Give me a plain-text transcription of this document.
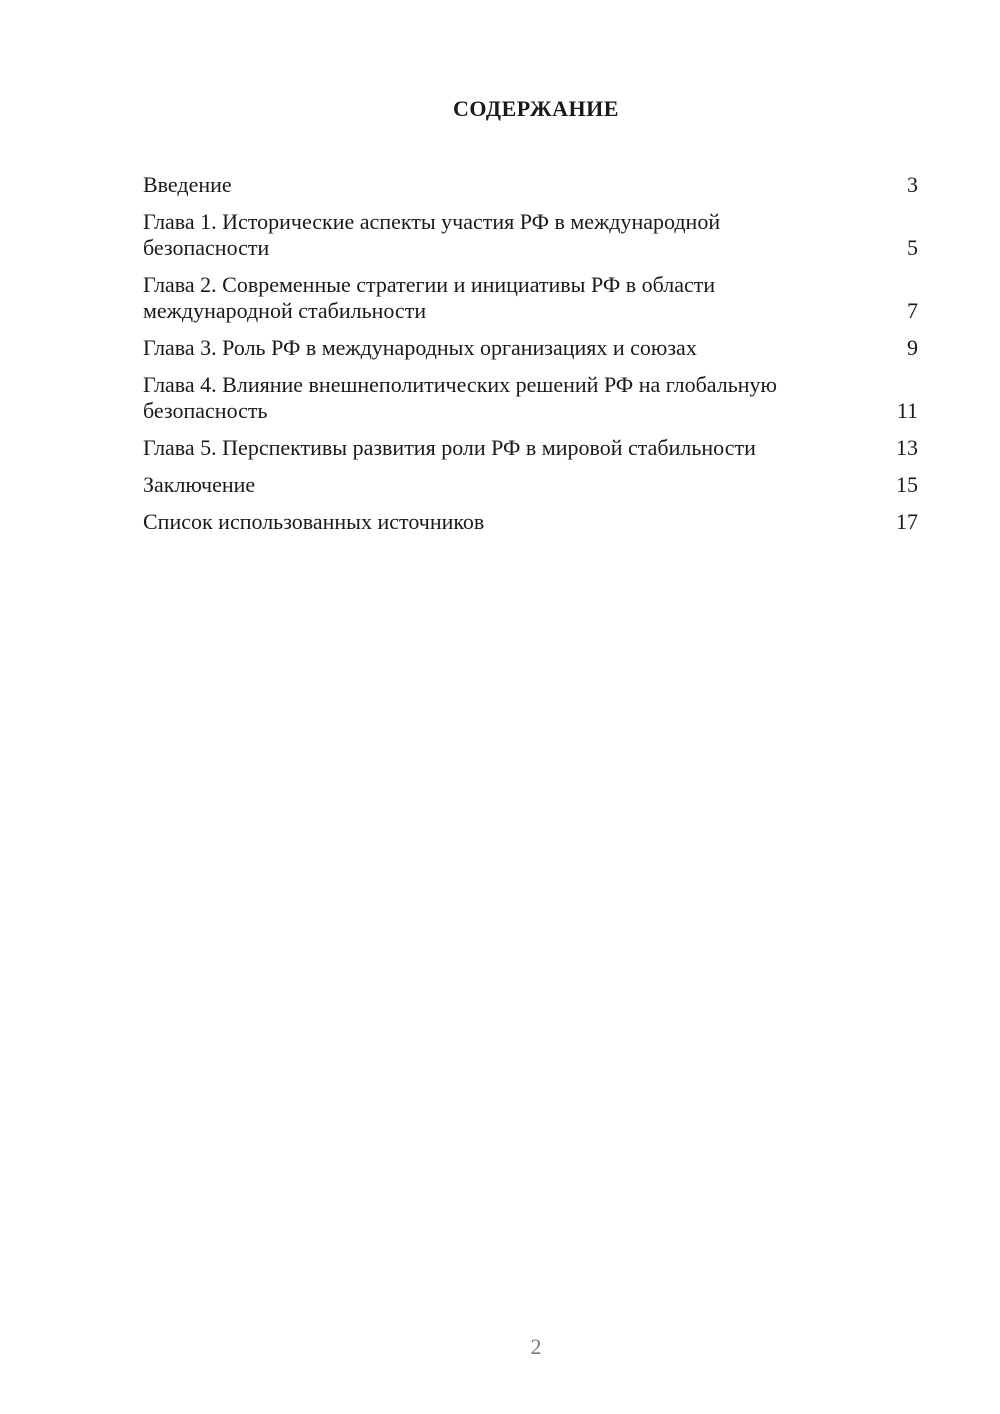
СОДЕРЖАНИЕ
Введение	3
Глава 1. Исторические аспекты участия РФ в международной безопасности	5
Глава 2. Современные стратегии и инициативы РФ в области международной стабильности	7
Глава 3. Роль РФ в международных организациях и союзах	9
Глава 4. Влияние внешнеполитических решений РФ на глобальную безопасность	11
Глава 5. Перспективы развития роли РФ в мировой стабильности	13
Заключение	15
Список использованных источников	17
2
